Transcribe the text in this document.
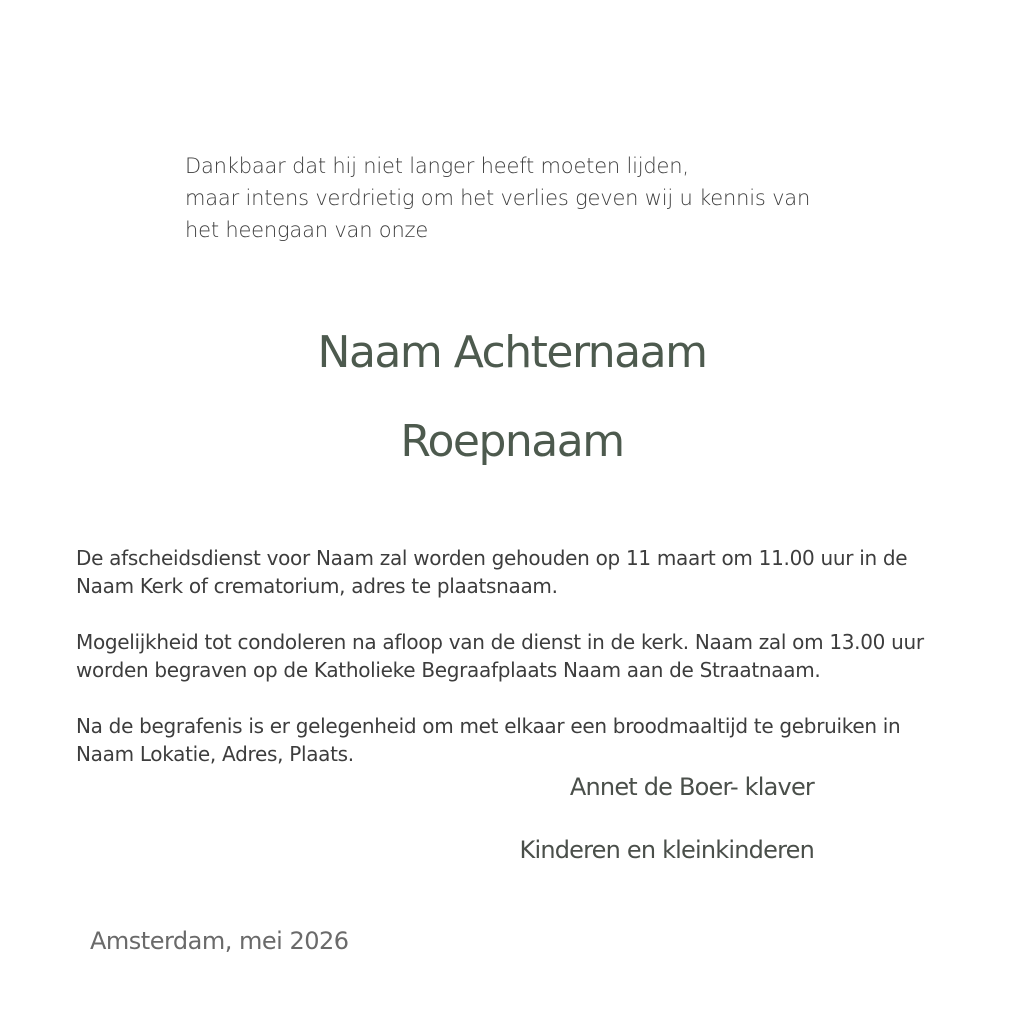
Dankbaar dat hij niet langer heeft moeten lijden,
maar intens verdrietig om het verlies geven wij u kennis van
het heengaan van onze
Naam Achternaam
Roepnaam

De afscheidsdienst voor Naam zal worden gehouden op 11 maart om 11.00 uur in de
Naam Kerk of crematorium, adres te plaatsnaam.

Mogelijkheid tot condoleren na afloop van de dienst in de kerk. Naam zal om 13.00 uur
worden begraven op de Katholieke Begraafplaats Naam aan de Straatnaam.

Na de begrafenis is er gelegenheid om met elkaar een broodmaaltijd te gebruiken in
Naam Lokatie, Adres, Plaats.

Annet de Boer- klaver
Kinderen en kleinkinderen
Amsterdam, mei 2026
